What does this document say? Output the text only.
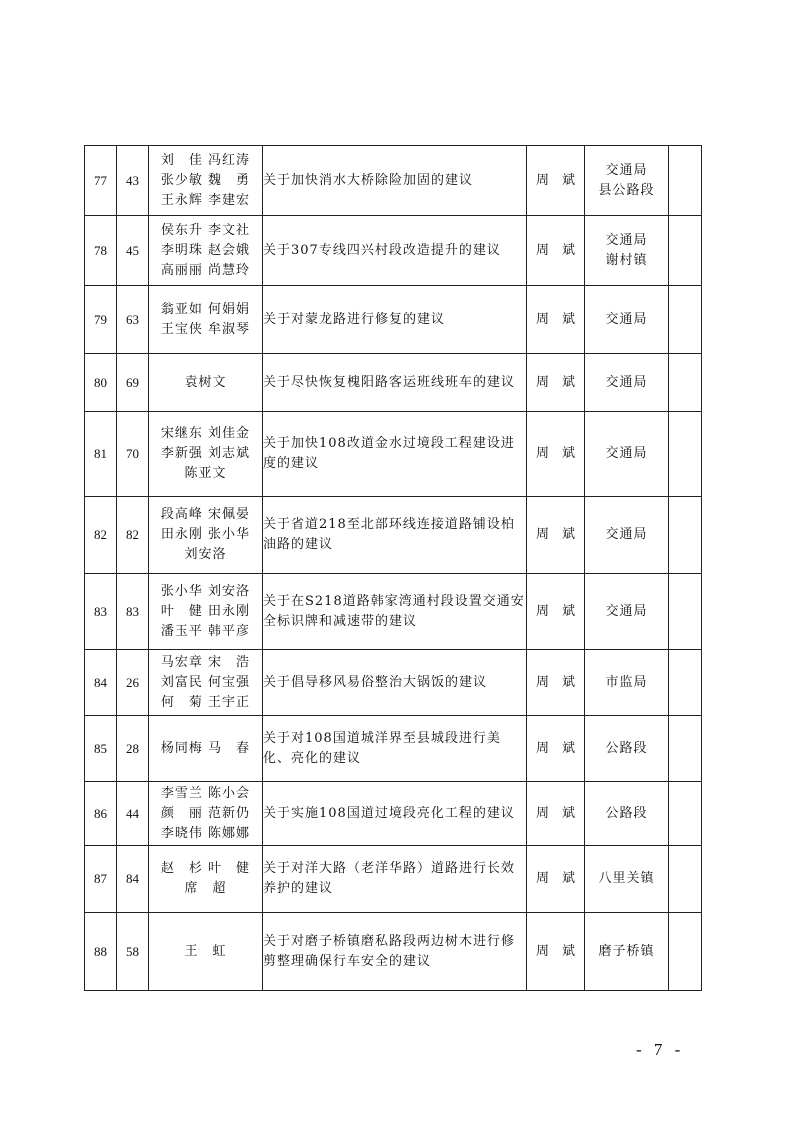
77	43	刘　佳 冯红涛
张少敏 魏　勇
王永辉 李建宏	关于加快消水大桥除险加固的建议	周　斌	交通局
县公路段	

78	45	侯东升 李文社
李明珠 赵会娥
高丽丽 尚慧玲	关于307专线四兴村段改造提升的建议	周　斌	交通局
谢村镇	

79	63	翁亚如 何娟娟
王宝侠 牟淑琴	关于对蒙龙路进行修复的建议	周　斌	交通局	

80	69	袁树文	关于尽快恢复槐阳路客运班线班车的建议	周　斌	交通局	

81	70	宋继东 刘佳金
李新强 刘志斌
陈亚文	关于加快108改道金水过境段工程建设进度的建议	周　斌	交通局	

82	82	段高峰 宋佩晏
田永刚 张小华
刘安洛	关于省道218至北部环线连接道路铺设柏油路的建议	周　斌	交通局	

83	83	张小华 刘安洛
叶　健 田永刚
潘玉平 韩平彦	关于在S218道路韩家湾通村段设置交通安全标识牌和减速带的建议	周　斌	交通局	

84	26	马宏章 宋　浩
刘富民 何宝强
何　菊 王宇正	关于倡导移风易俗整治大锅饭的建议	周　斌	市监局	

85	28	杨同梅 马　春	关于对108国道城洋界至县城段进行美化、亮化的建议	周　斌	公路段	

86	44	李雪兰 陈小会
颜　丽 范新仍
李晓伟 陈娜娜	关于实施108国道过境段亮化工程的建议	周　斌	公路段	

87	84	赵　杉 叶　健
席　超	关于对洋大路（老洋华路）道路进行长效养护的建议	周　斌	八里关镇	

88	58	王　虹	关于对磨子桥镇磨私路段两边树木进行修剪整理确保行车安全的建议	周　斌	磨子桥镇	

- 7 -
